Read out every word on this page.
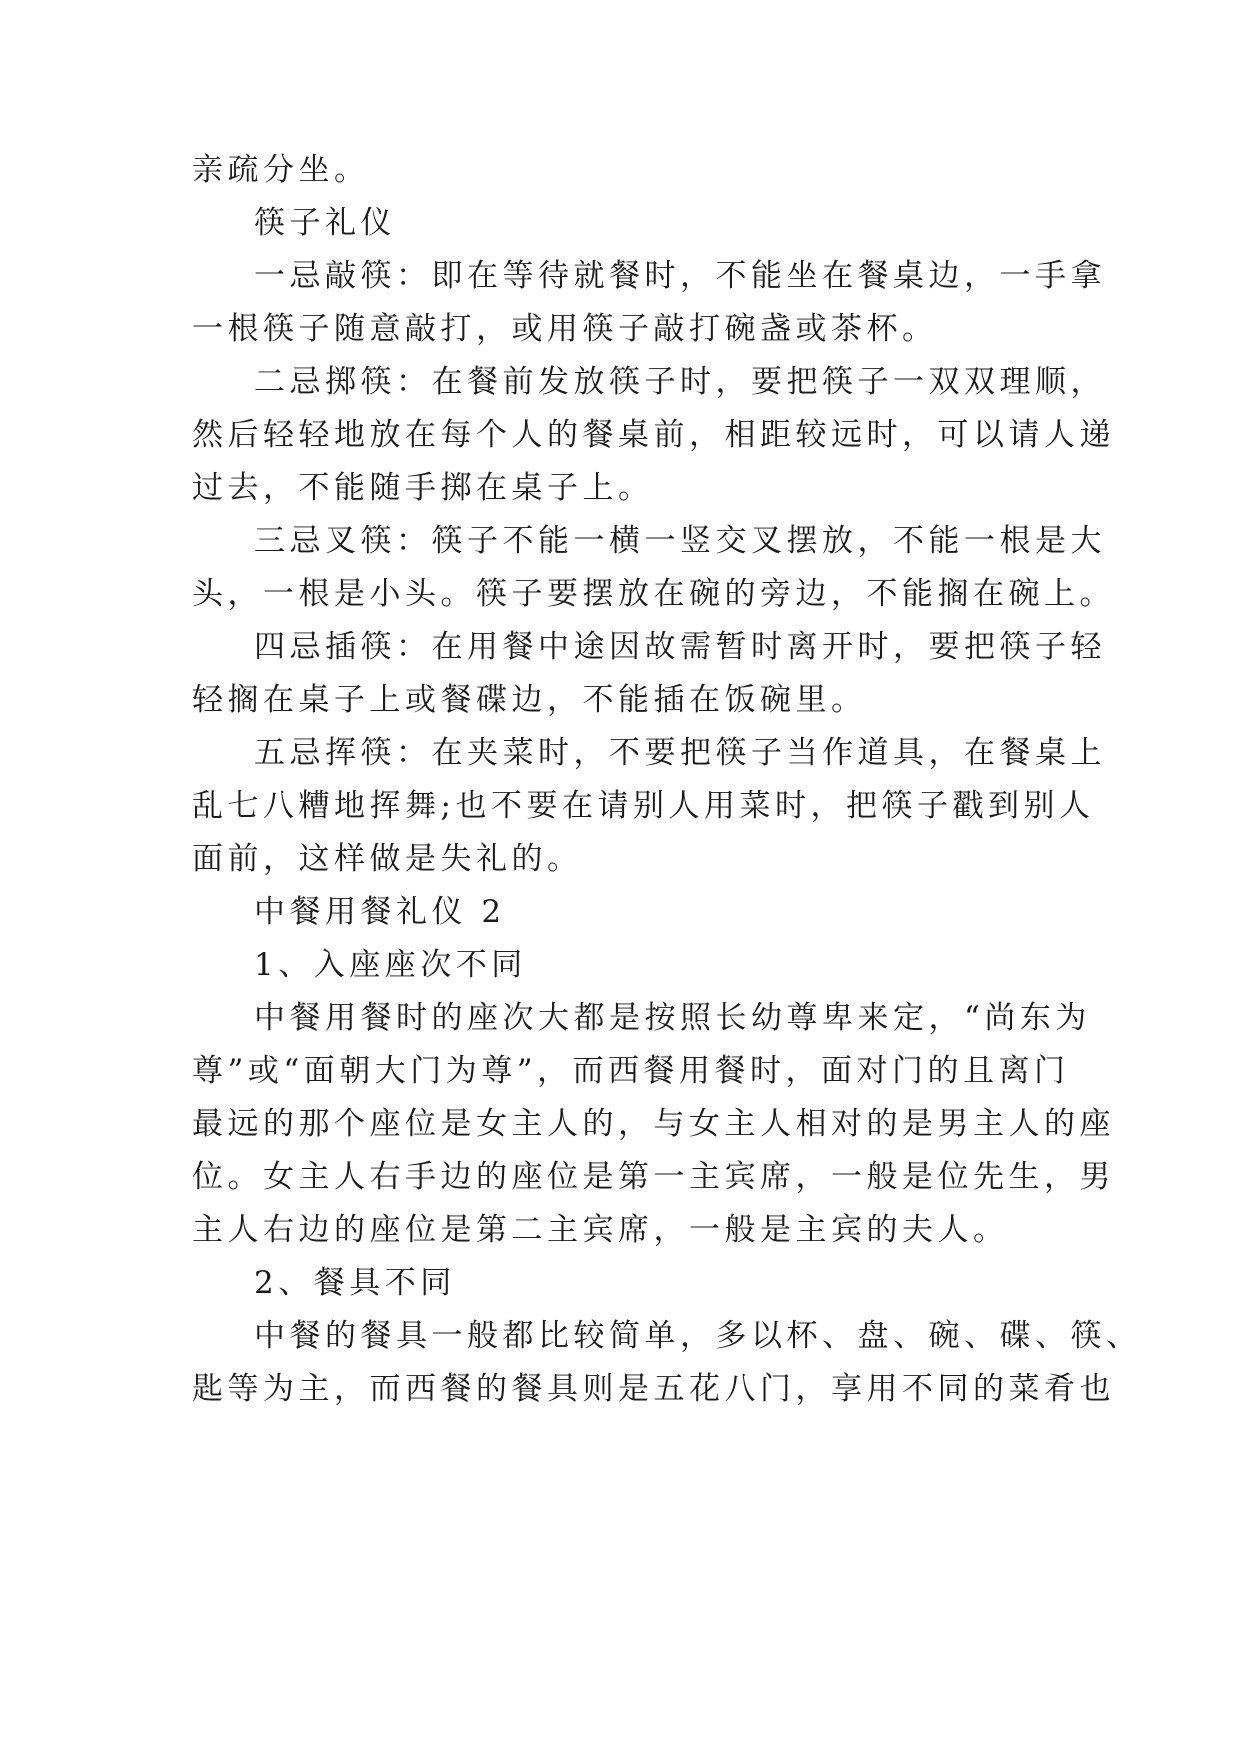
亲疏分坐。
筷子礼仪
一忌敲筷：即在等待就餐时，不能坐在餐桌边，一手拿
一根筷子随意敲打，或用筷子敲打碗盏或茶杯。
二忌掷筷：在餐前发放筷子时，要把筷子一双双理顺，
然后轻轻地放在每个人的餐桌前，相距较远时，可以请人递
过去，不能随手掷在桌子上。
三忌叉筷：筷子不能一横一竖交叉摆放，不能一根是大
头，一根是小头。筷子要摆放在碗的旁边，不能搁在碗上。
四忌插筷：在用餐中途因故需暂时离开时，要把筷子轻
轻搁在桌子上或餐碟边，不能插在饭碗里。
五忌挥筷：在夹菜时，不要把筷子当作道具，在餐桌上
乱七八糟地挥舞;也不要在请别人用菜时，把筷子戳到别人
面前，这样做是失礼的。
中餐用餐礼仪 2
1、入座座次不同
中餐用餐时的座次大都是按照长幼尊卑来定，“尚东为
尊”或“面朝大门为尊”，而西餐用餐时，面对门的且离门
最远的那个座位是女主人的，与女主人相对的是男主人的座
位。女主人右手边的座位是第一主宾席，一般是位先生，男
主人右边的座位是第二主宾席，一般是主宾的夫人。
2、餐具不同
中餐的餐具一般都比较简单，多以杯、盘、碗、碟、筷、
匙等为主，而西餐的餐具则是五花八门，享用不同的菜肴也
